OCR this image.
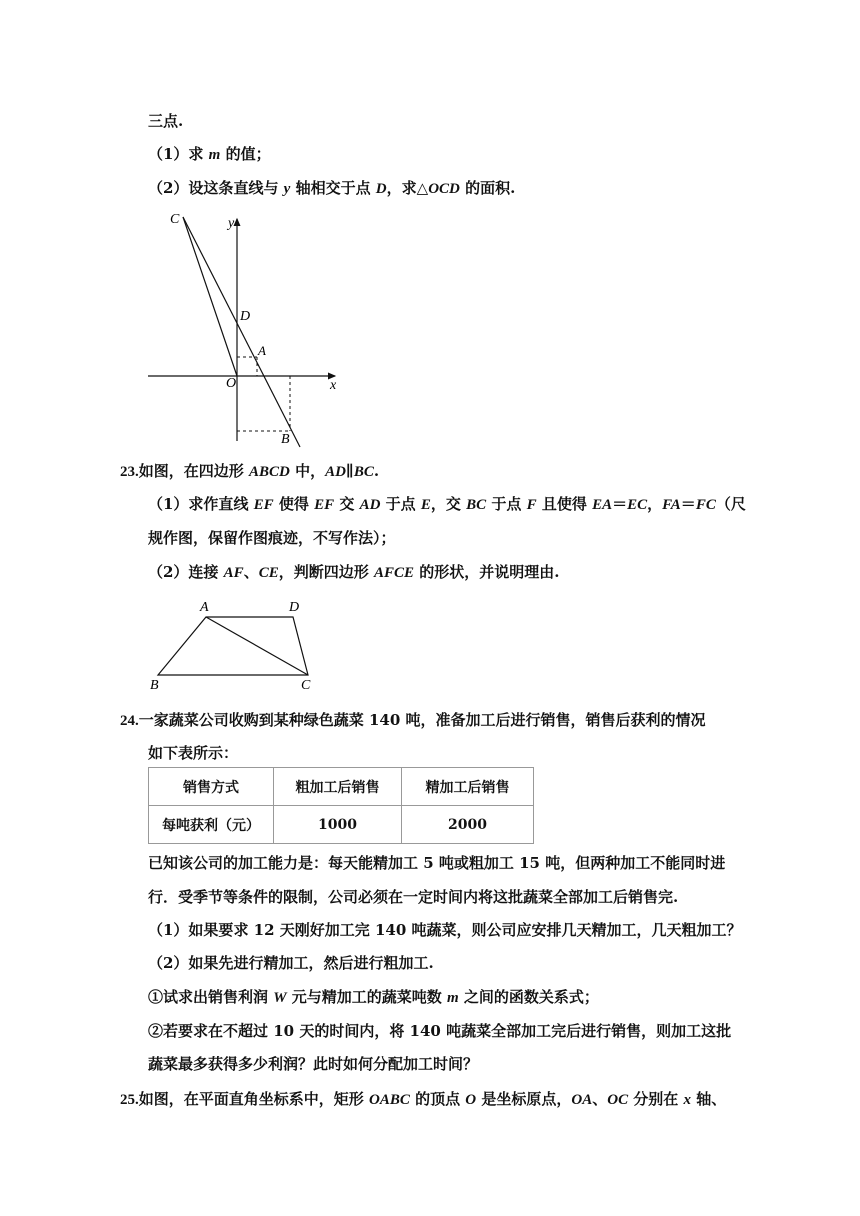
三点.
（1）求 m 的值；
（2）设这条直线与 y 轴相交于点 D，求△OCD 的面积.
C	y
D
A
O	x
B
23.如图，在四边形 ABCD 中，AD∥BC.
（1）求作直线 EF 使得 EF 交 AD 于点 E，交 BC 于点 F 且使得 EA＝EC，FA＝FC（尺
规作图，保留作图痕迹，不写作法）；
（2）连接 AF、CE，判断四边形 AFCE 的形状，并说明理由.
A	D
B	C
24.一家蔬菜公司收购到某种绿色蔬菜 140 吨，准备加工后进行销售，销售后获利的情况
如下表所示：
销售方式	粗加工后销售	精加工后销售
每吨获利（元）	1000	2000
已知该公司的加工能力是：每天能精加工 5 吨或粗加工 15 吨，但两种加工不能同时进
行．受季节等条件的限制，公司必须在一定时间内将这批蔬菜全部加工后销售完.
（1）如果要求 12 天刚好加工完 140 吨蔬菜，则公司应安排几天精加工，几天粗加工？
（2）如果先进行精加工，然后进行粗加工.
①试求出销售利润 W 元与精加工的蔬菜吨数 m 之间的函数关系式；
②若要求在不超过 10 天的时间内，将 140 吨蔬菜全部加工完后进行销售，则加工这批
蔬菜最多获得多少利润？此时如何分配加工时间？
25.如图，在平面直角坐标系中，矩形 OABC 的顶点 O 是坐标原点，OA、OC 分别在 x 轴、
